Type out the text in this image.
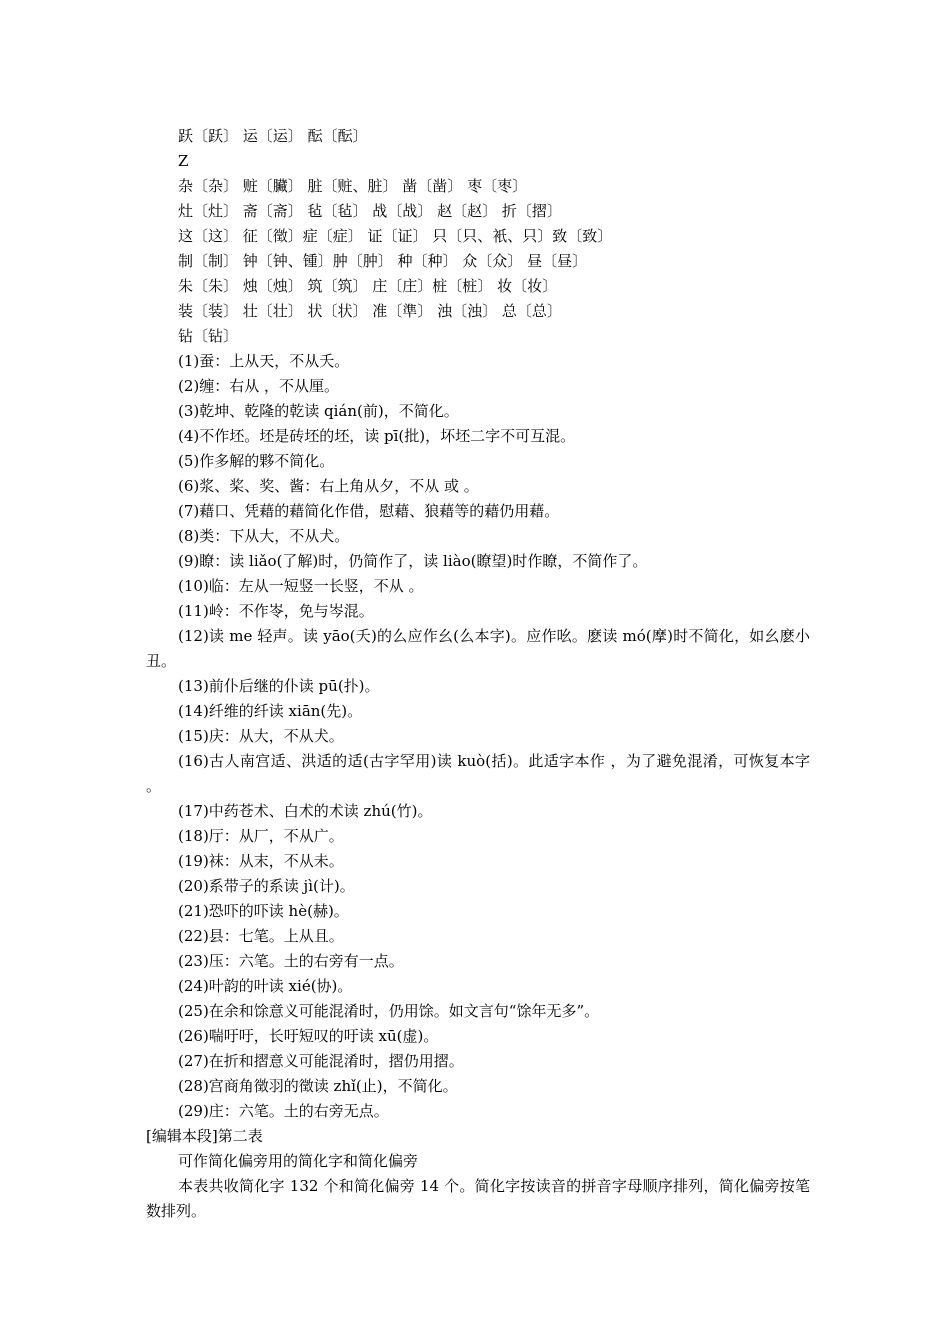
跃〔跃〕 运〔运〕 酝〔酝〕
Z
杂〔杂〕 赃〔臟〕 脏〔赃、脏〕 凿〔凿〕 枣〔枣〕
灶〔灶〕 斋〔斋〕 毡〔毡〕 战〔战〕 赵〔赵〕 折〔摺〕
这〔这〕 征〔徵〕症〔症〕 证〔证〕 只〔只、衹、只〕致〔致〕
制〔制〕 钟〔钟、锺〕肿〔肿〕 种〔种〕 众〔众〕 昼〔昼〕
朱〔朱〕 烛〔烛〕 筑〔筑〕 庄〔庄〕桩〔桩〕 妆〔妆〕
装〔装〕 壮〔壮〕 状〔状〕 准〔準〕 浊〔浊〕 总〔总〕
钻〔钻〕
(1)蚕：上从天，不从夭。
(2)缠：右从 ，不从厘。
(3)乾坤、乾隆的乾读 qián(前)，不简化。
(4)不作坯。坯是砖坯的坯，读 pī(批)，坏坯二字不可互混。
(5)作多解的夥不简化。
(6)浆、桨、奖、酱：右上角从夕，不从 或 。
(7)藉口、凭藉的藉简化作借，慰藉、狼藉等的藉仍用藉。
(8)类：下从大，不从犬。
(9)瞭：读 liǎo(了解)时，仍简作了，读 liào(瞭望)时作瞭，不简作了。
(10)临：左从一短竖一长竖，不从 。
(11)岭：不作岺，免与岑混。
(12)读 me 轻声。读 yāo(夭)的么应作幺(么本字)。应作吆。麽读 mó(摩)时不简化，如幺麽小丑。
(13)前仆后继的仆读 pū(扑)。
(14)纤维的纤读 xiān(先)。
(15)庆：从大，不从犬。
(16)古人南宫适、洪适的适(古字罕用)读 kuò(括)。此适字本作 ，为了避免混淆，可恢复本字 。
(17)中药苍术、白术的术读 zhú(竹)。
(18)厅：从厂，不从广。
(19)袜：从末，不从未。
(20)系带子的系读 jì(计)。
(21)恐吓的吓读 hè(赫)。
(22)县：七笔。上从且。
(23)压：六笔。土的右旁有一点。
(24)叶韵的叶读 xié(协)。
(25)在余和馀意义可能混淆时，仍用馀。如文言句“馀年无多”。
(26)喘吁吁，长吁短叹的吁读 xū(虚)。
(27)在折和摺意义可能混淆时，摺仍用摺。
(28)宫商角徵羽的徵读 zhǐ(止)，不简化。
(29)庄：六笔。土的右旁无点。
[编辑本段]第二表
可作简化偏旁用的简化字和简化偏旁
本表共收简化字 132 个和简化偏旁 14 个。简化字按读音的拼音字母顺序排列，简化偏旁按笔数排列。
